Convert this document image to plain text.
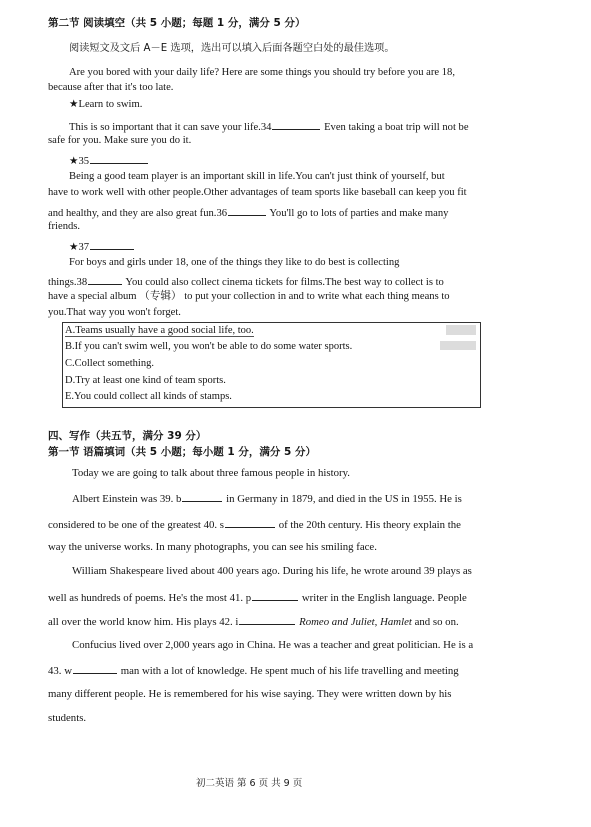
第二节 阅读填空（共 5 小题；每题 1 分，满分 5 分）
阅读短文及文后 A－E 选项，选出可以填入后面各题空白处的最佳选项。
Are you bored with your daily life? Here are some things you should try before you are 18,
because after that it's too late.
★Learn to swim.
This is so important that it can save your life.34	Even taking a boat trip will not be
safe for you. Make sure you do it.
★35
Being a good team player is an important skill in life.You can't just think of yourself, but
have to work well with other people.Other advantages of team sports like baseball can keep you fit
and healthy, and they are also great fun.36	You'll go to lots of parties and make many
friends.
★37
For boys and girls under 18, one of the things they like to do best is collecting
things.38	You could also collect cinema tickets for films.The best way to collect is to
have a special album （专辑） to put your collection in and to write what each thing means to
you.That way you won't forget.
A.Teams usually have a good social life, too.
B.If you can't swim well, you won't be able to do some water sports.
C.Collect something.
D.Try at least one kind of team sports.
E.You could collect all kinds of stamps.
四、写作（共五节，满分 39 分）
第一节 语篇填词（共 5 小题；每小题 1 分，满分 5 分）
Today we are going to talk about three famous people in history.
Albert Einstein was 39. b	in Germany in 1879, and died in the US in 1955. He is
considered to be one of the greatest 40. s	of the 20th century. His theory explain the
way the universe works. In many photographs, you can see his smiling face.
William Shakespeare lived about 400 years ago. During his life, he wrote around 39 plays as
well as hundreds of poems. He's the most 41. p	writer in the English language. People
all over the world know him. His plays 42. i	Romeo and Juliet, Hamlet and so on.
Confucius lived over 2,000 years ago in China. He was a teacher and great politician. He is a
43. w	man with a lot of knowledge. He spent much of his life travelling and meeting
many different people. He is remembered for his wise saying. They were written down by his
students.
初二英语 第 6 页 共 9 页
